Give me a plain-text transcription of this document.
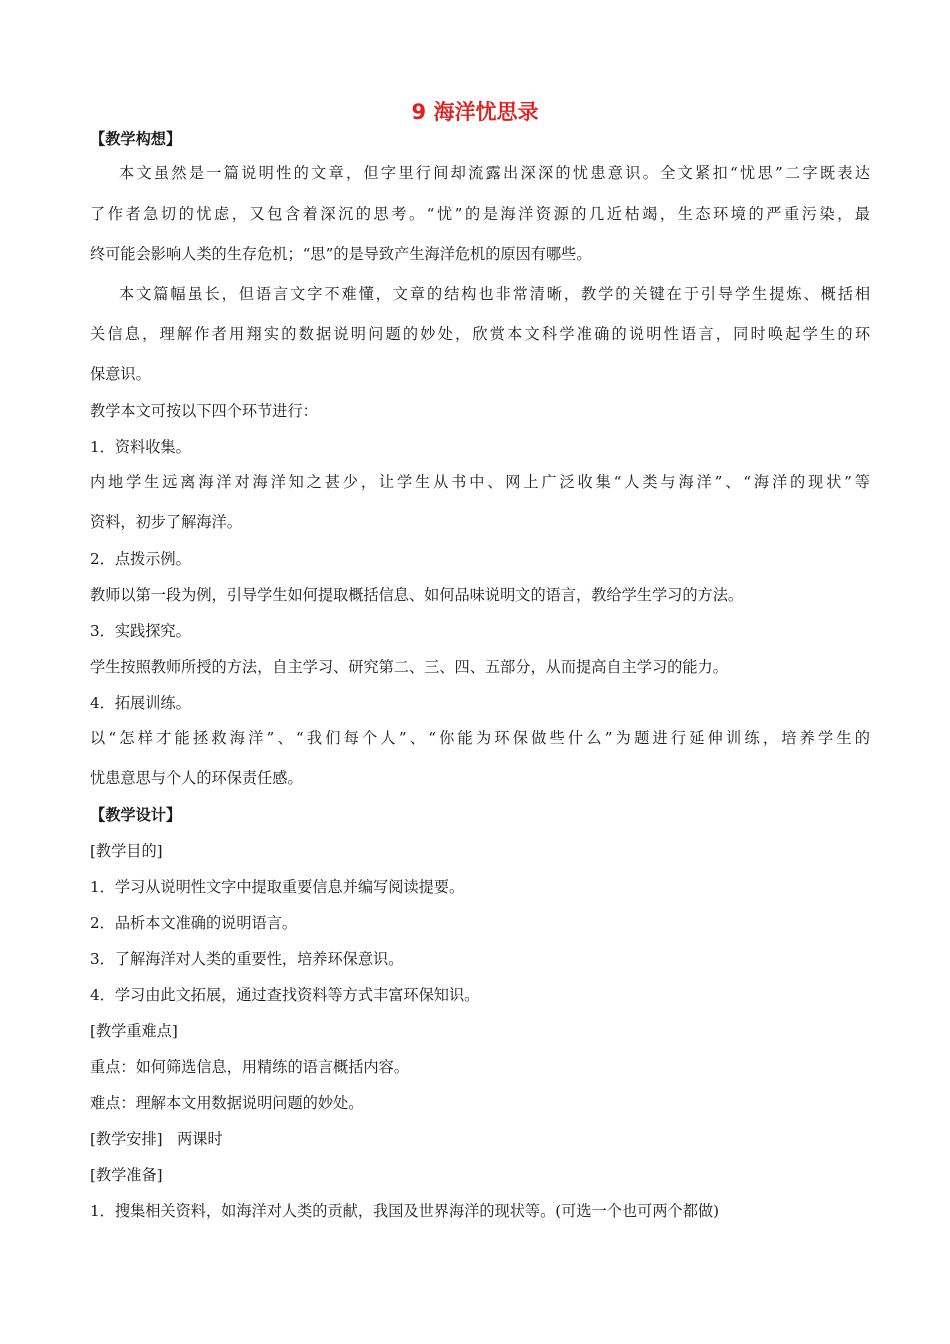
9 海洋忧思录
【教学构想】
本文虽然是一篇说明性的文章，但字里行间却流露出深深的忧患意识。全文紧扣“忧思”二字既表达
了作者急切的忧虑，又包含着深沉的思考。“忧”的是海洋资源的几近枯竭，生态环境的严重污染，最
终可能会影响人类的生存危机；“思”的是导致产生海洋危机的原因有哪些。
本文篇幅虽长，但语言文字不难懂，文章的结构也非常清晰，教学的关键在于引导学生提炼、概括相
关信息，理解作者用翔实的数据说明问题的妙处，欣赏本文科学准确的说明性语言，同时唤起学生的环
保意识。
教学本文可按以下四个环节进行：
1．资料收集。
内地学生远离海洋对海洋知之甚少，让学生从书中、网上广泛收集“人类与海洋”、“海洋的现状”等
资料，初步了解海洋。
2．点拨示例。
教师以第一段为例，引导学生如何提取概括信息、如何品味说明文的语言，教给学生学习的方法。
3．实践探究。
学生按照教师所授的方法，自主学习、研究第二、三、四、五部分，从而提高自主学习的能力。
4．拓展训练。
以“怎样才能拯救海洋”、“我们每个人”、“你能为环保做些什么”为题进行延伸训练，培养学生的
忧患意思与个人的环保责任感。
【教学设计】
[教学目的]
1．学习从说明性文字中提取重要信息并编写阅读提要。
2．品析本文准确的说明语言。
3．了解海洋对人类的重要性，培养环保意识。
4．学习由此文拓展，通过查找资料等方式丰富环保知识。
[教学重难点]
重点：如何筛选信息，用精练的语言概括内容。
难点：理解本文用数据说明问题的妙处。
[教学安排] 两课时
[教学准备]
1．搜集相关资料，如海洋对人类的贡献，我国及世界海洋的现状等。(可选一个也可两个都做)
